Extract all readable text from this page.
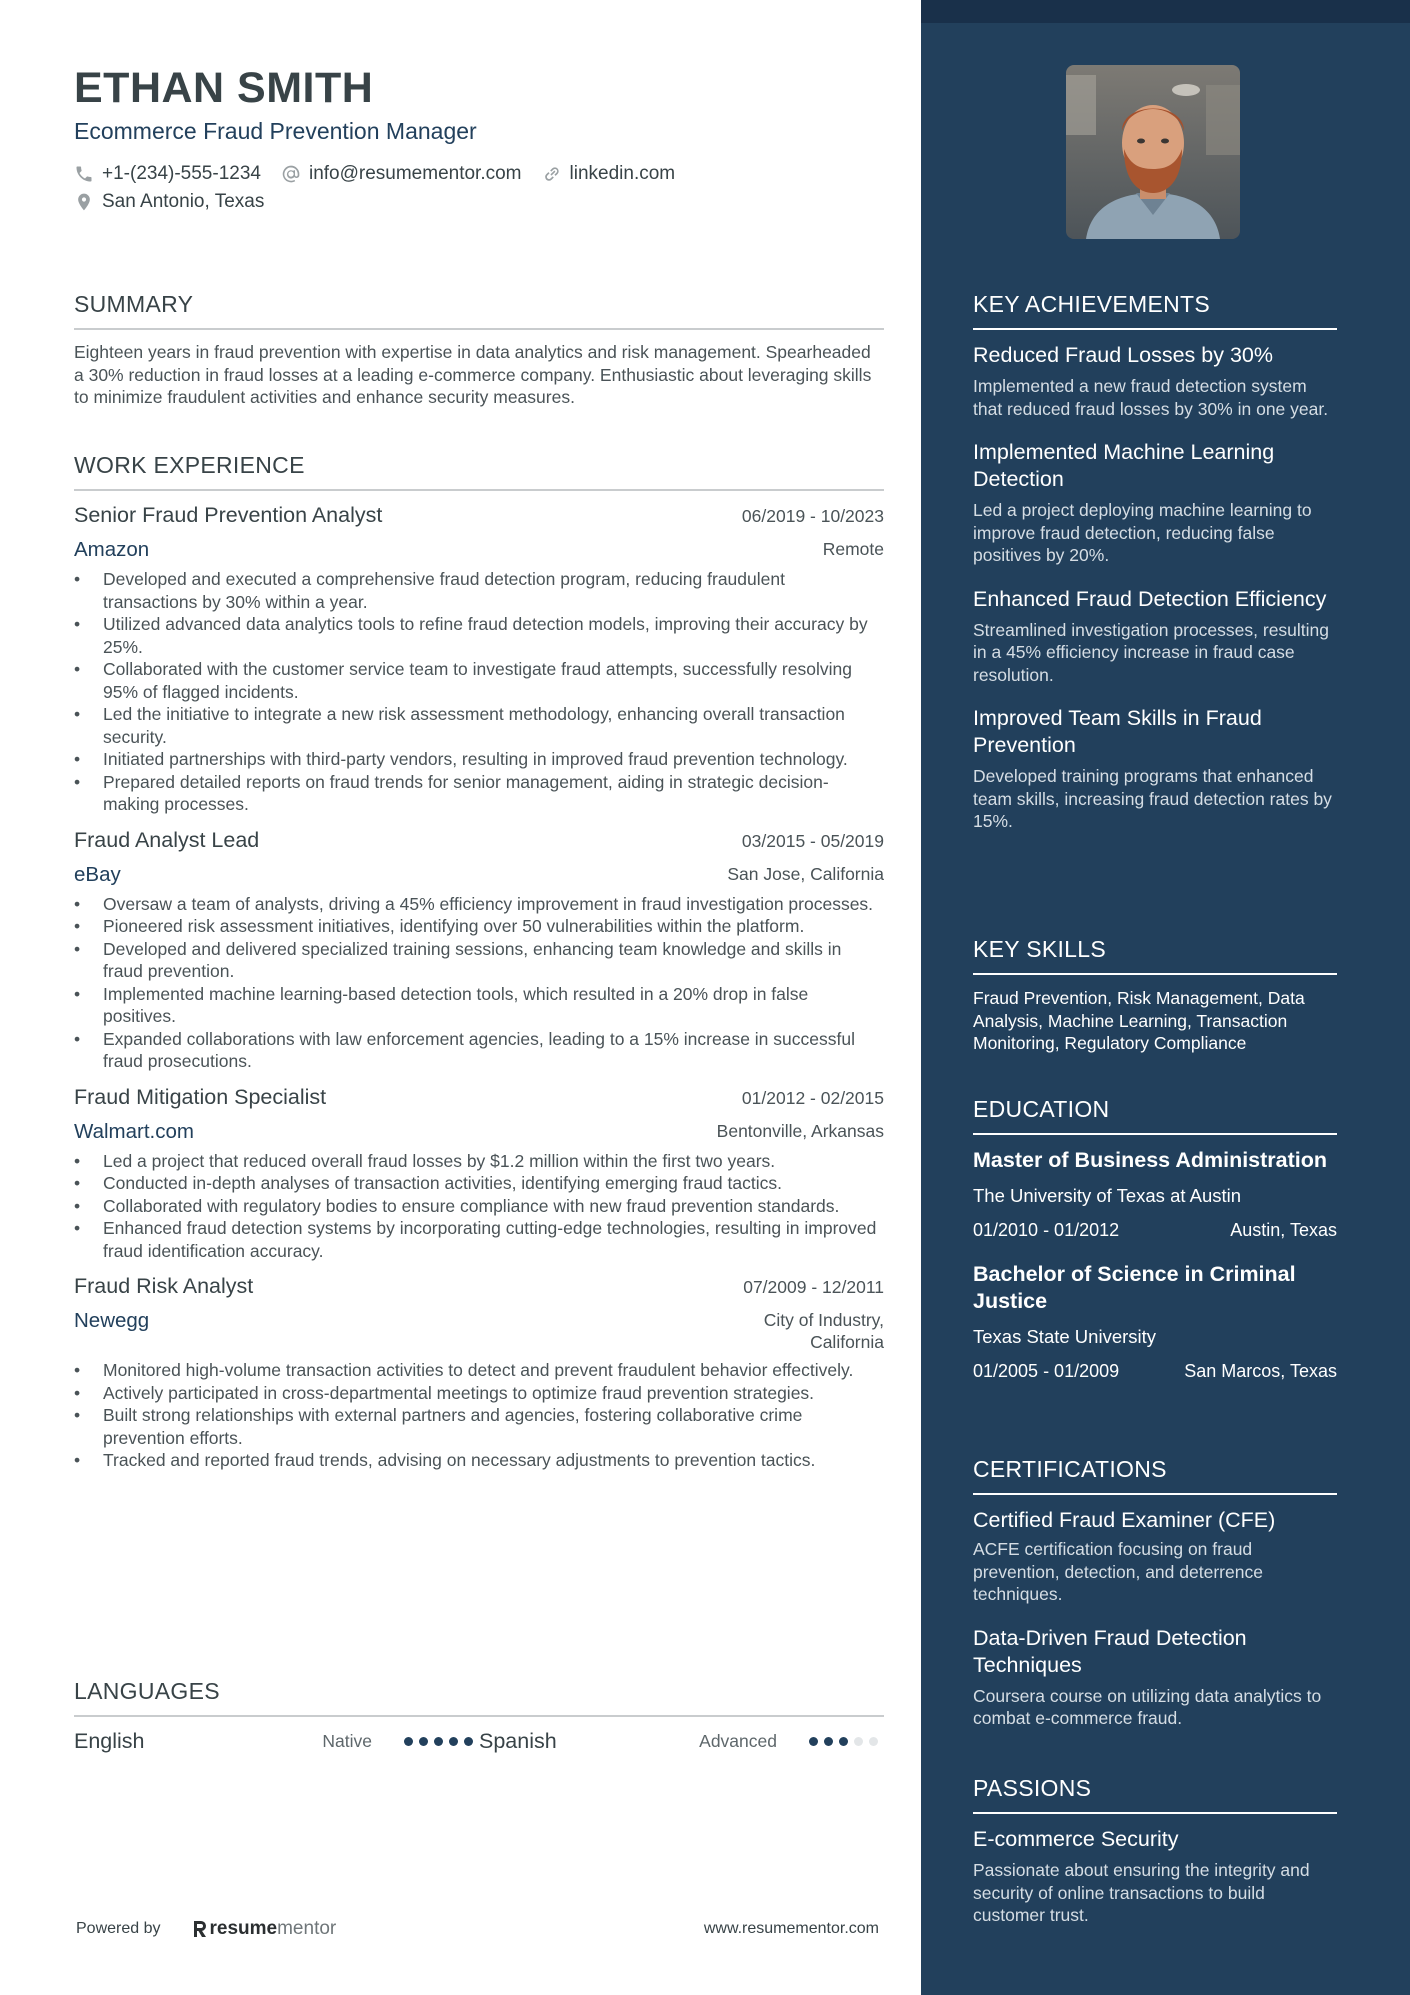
ETHAN SMITH
Ecommerce Fraud Prevention Manager
+1-(234)-555-1234	info@resumementor.com	linkedin.com
San Antonio, Texas
SUMMARY
Eighteen years in fraud prevention with expertise in data analytics and risk management. Spearheaded a 30% reduction in fraud losses at a leading e-commerce company. Enthusiastic about leveraging skills to minimize fraudulent activities and enhance security measures.
WORK EXPERIENCE
Senior Fraud Prevention Analyst	06/2019 - 10/2023
Amazon	Remote
• Developed and executed a comprehensive fraud detection program, reducing fraudulent transactions by 30% within a year.
• Utilized advanced data analytics tools to refine fraud detection models, improving their accuracy by 25%.
• Collaborated with the customer service team to investigate fraud attempts, successfully resolving 95% of flagged incidents.
• Led the initiative to integrate a new risk assessment methodology, enhancing overall transaction security.
• Initiated partnerships with third-party vendors, resulting in improved fraud prevention technology.
• Prepared detailed reports on fraud trends for senior management, aiding in strategic decision-making processes.
Fraud Analyst Lead	03/2015 - 05/2019
eBay	San Jose, California
• Oversaw a team of analysts, driving a 45% efficiency improvement in fraud investigation processes.
• Pioneered risk assessment initiatives, identifying over 50 vulnerabilities within the platform.
• Developed and delivered specialized training sessions, enhancing team knowledge and skills in fraud prevention.
• Implemented machine learning-based detection tools, which resulted in a 20% drop in false positives.
• Expanded collaborations with law enforcement agencies, leading to a 15% increase in successful fraud prosecutions.
Fraud Mitigation Specialist	01/2012 - 02/2015
Walmart.com	Bentonville, Arkansas
• Led a project that reduced overall fraud losses by $1.2 million within the first two years.
• Conducted in-depth analyses of transaction activities, identifying emerging fraud tactics.
• Collaborated with regulatory bodies to ensure compliance with new fraud prevention standards.
• Enhanced fraud detection systems by incorporating cutting-edge technologies, resulting in improved fraud identification accuracy.
Fraud Risk Analyst	07/2009 - 12/2011
Newegg	City of Industry,
California
• Monitored high-volume transaction activities to detect and prevent fraudulent behavior effectively.
• Actively participated in cross-departmental meetings to optimize fraud prevention strategies.
• Built strong relationships with external partners and agencies, fostering collaborative crime prevention efforts.
• Tracked and reported fraud trends, advising on necessary adjustments to prevention tactics.
LANGUAGES
English	Native	Spanish	Advanced
Powered by	resume mentor	www.resumementor.com
KEY ACHIEVEMENTS
Reduced Fraud Losses by 30%
Implemented a new fraud detection system that reduced fraud losses by 30% in one year.
Implemented Machine Learning Detection
Led a project deploying machine learning to improve fraud detection, reducing false positives by 20%.
Enhanced Fraud Detection Efficiency
Streamlined investigation processes, resulting in a 45% efficiency increase in fraud case resolution.
Improved Team Skills in Fraud Prevention
Developed training programs that enhanced team skills, increasing fraud detection rates by 15%.
KEY SKILLS
Fraud Prevention, Risk Management, Data Analysis, Machine Learning, Transaction Monitoring, Regulatory Compliance
EDUCATION
Master of Business Administration
The University of Texas at Austin
01/2010 - 01/2012	Austin, Texas
Bachelor of Science in Criminal Justice
Texas State University
01/2005 - 01/2009	San Marcos, Texas
CERTIFICATIONS
Certified Fraud Examiner (CFE)
ACFE certification focusing on fraud prevention, detection, and deterrence techniques.
Data-Driven Fraud Detection Techniques
Coursera course on utilizing data analytics to combat e-commerce fraud.
PASSIONS
E-commerce Security
Passionate about ensuring the integrity and security of online transactions to build customer trust.
